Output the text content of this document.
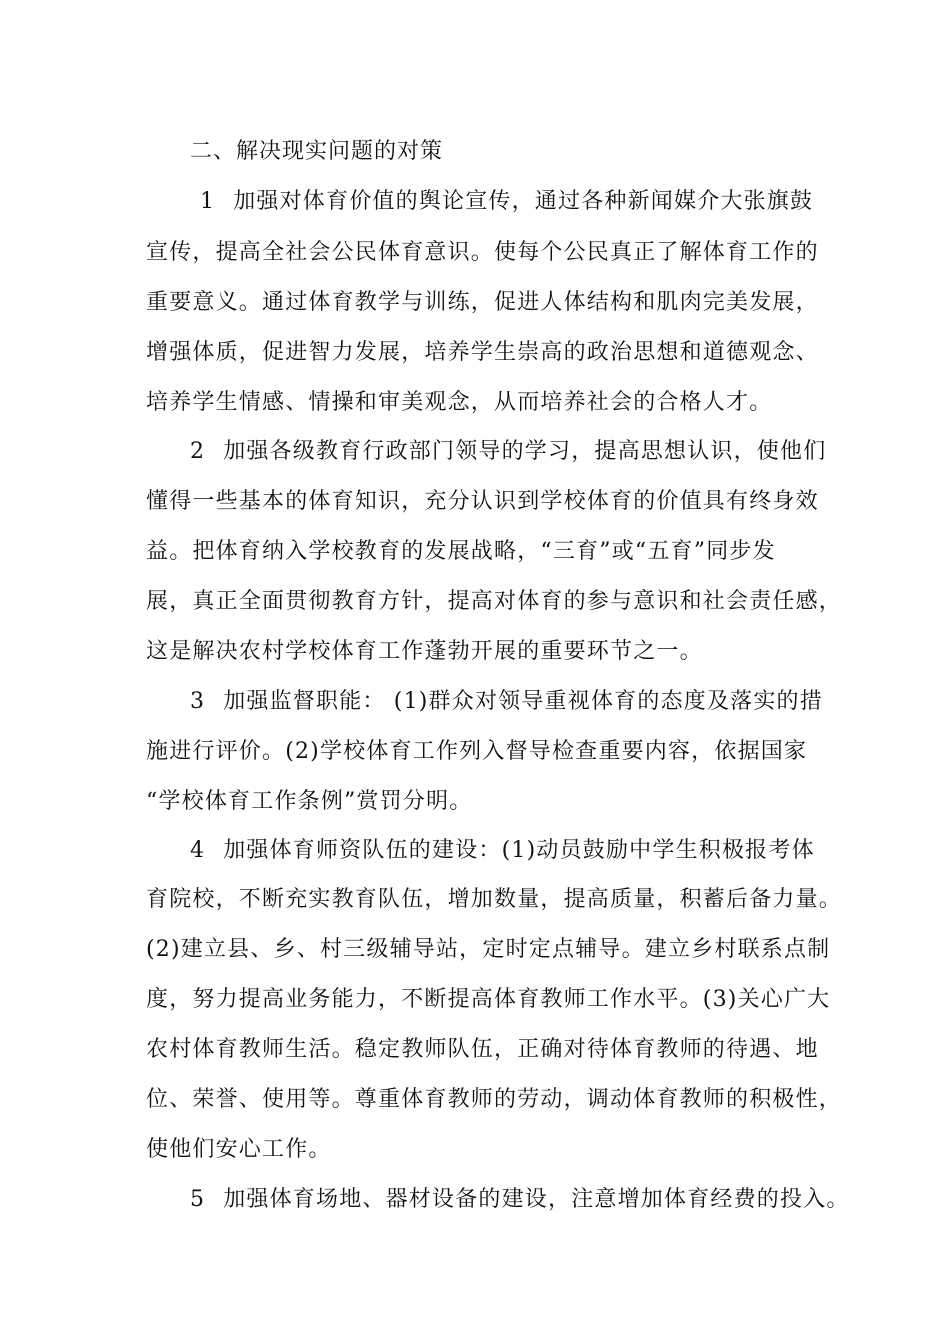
二、解决现实问题的对策
1 加强对体育价值的舆论宣传，通过各种新闻媒介大张旗鼓
宣传，提高全社会公民体育意识。使每个公民真正了解体育工作的
重要意义。通过体育教学与训练，促进人体结构和肌肉完美发展，
增强体质，促进智力发展，培养学生崇高的政治思想和道德观念、
培养学生情感、情操和审美观念，从而培养社会的合格人才。
2 加强各级教育行政部门领导的学习，提高思想认识，使他们
懂得一些基本的体育知识，充分认识到学校体育的价值具有终身效
益。把体育纳入学校教育的发展战略，“三育”或“五育”同步发
展，真正全面贯彻教育方针，提高对体育的参与意识和社会责任感，
这是解决农村学校体育工作蓬勃开展的重要环节之一。
3 加强监督职能： (1)群众对领导重视体育的态度及落实的措
施进行评价。(2)学校体育工作列入督导检查重要内容，依据国家
“学校体育工作条例”赏罚分明。
4 加强体育师资队伍的建设：(1)动员鼓励中学生积极报考体
育院校，不断充实教育队伍，增加数量，提高质量，积蓄后备力量。
(2)建立县、乡、村三级辅导站，定时定点辅导。建立乡村联系点制
度，努力提高业务能力，不断提高体育教师工作水平。(3)关心广大
农村体育教师生活。稳定教师队伍，正确对待体育教师的待遇、地
位、荣誉、使用等。尊重体育教师的劳动，调动体育教师的积极性，
使他们安心工作。
5 加强体育场地、器材设备的建设，注意增加体育经费的投入。
